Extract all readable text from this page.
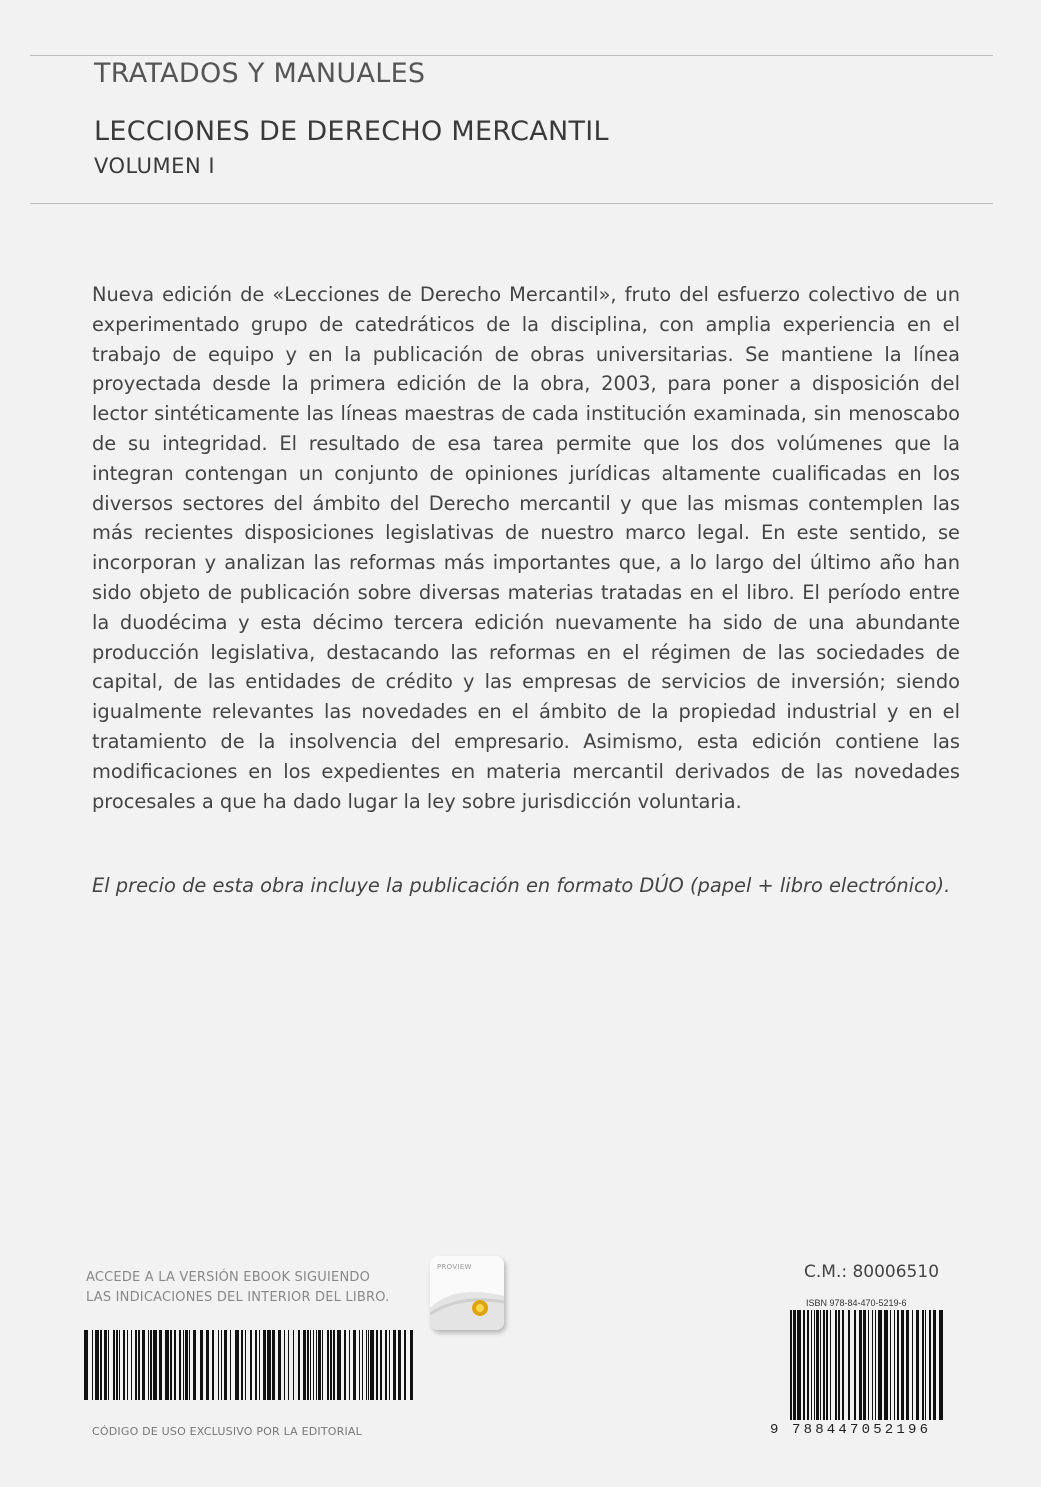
TRATADOS Y MANUALES
LECCIONES DE DERECHO MERCANTIL
VOLUMEN I

Nueva edición de «Lecciones de Derecho Mercantil», fruto del esfuerzo colectivo de un experimentado grupo de catedráticos de la disciplina, con amplia experiencia en el trabajo de equipo y en la publicación de obras universitarias. Se mantiene la línea proyectada desde la primera edición de la obra, 2003, para poner a disposición del lector sintéticamente las líneas maestras de cada institución examinada, sin menoscabo de su integridad. El resultado de esa tarea permite que los dos volúmenes que la integran contengan un conjunto de opiniones jurídicas altamente cualificadas en los diversos sectores del ámbito del Derecho mercantil y que las mismas contemplen las más recientes disposiciones legislativas de nuestro marco legal. En este sentido, se incorporan y analizan las reformas más importantes que, a lo largo del último año han sido objeto de publicación sobre diversas materias tratadas en el libro. El período entre la duodécima y esta décimo tercera edición nuevamente ha sido de una abundante producción legislativa, destacando las reformas en el régimen de las sociedades de capital, de las entidades de crédito y las empresas de servicios de inversión; siendo igualmente relevantes las novedades en el ámbito de la propiedad industrial y en el tratamiento de la insolvencia del empresario. Asimismo, esta edición contiene las modificaciones en los expedientes en materia mercantil derivados de las novedades procesales a que ha dado lugar la ley sobre jurisdicción voluntaria.

El precio de esta obra incluye la publicación en formato DÚO (papel + libro electrónico).
ACCEDE A LA VERSIÓN EBOOK SIGUIENDO
LAS INDICACIONES DEL INTERIOR DEL LIBRO.
PROVIEW
CÓDIGO DE USO EXCLUSIVO POR LA EDITORIAL
C.M.: 80006510
ISBN 978-84-470-5219-6
9 788447052196
